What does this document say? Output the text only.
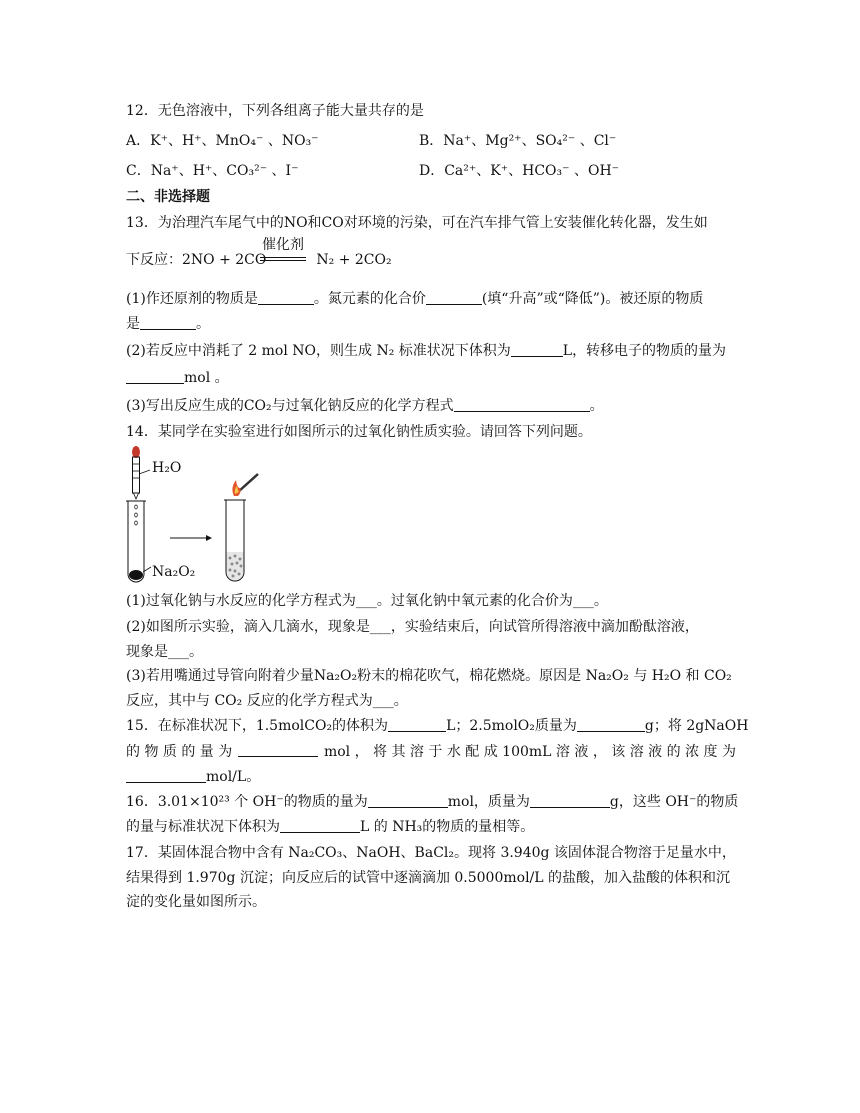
12．无色溶液中，下列各组离子能大量共存的是
A．K⁺、H⁺、MnO₄⁻ 、NO₃⁻	B．Na⁺、Mg²⁺、SO₄²⁻ 、Cl⁻
C．Na⁺、H⁺、CO₃²⁻ 、I⁻	D．Ca²⁺、K⁺、HCO₃⁻ 、OH⁻
二、非选择题
13．为治理汽车尾气中的NO和CO对环境的污染，可在汽车排气管上安装催化转化器，发生如
下反应：2NO + 2CO	N₂ + 2CO₂
催化剂
(1)作还原剂的物质是	。氮元素的化合价	(填“升高”或“降低”)。被还原的物质
是	。
(2)若反应中消耗了 2 mol NO，则生成 N₂ 标准状况下体积为	L，转移电子的物质的量为
mol 。
(3)写出反应生成的CO₂与过氧化钠反应的化学方程式	。
14．某同学在实验室进行如图所示的过氧化钠性质实验。请回答下列问题。
H₂O
Na₂O₂
(1)过氧化钠与水反应的化学方程式为___。过氧化钠中氧元素的化合价为___。
(2)如图所示实验，滴入几滴水，现象是___，实验结束后，向试管所得溶液中滴加酚酞溶液，
现象是___。
(3)若用嘴通过导管向附着少量Na₂O₂粉末的棉花吹气，棉花燃烧。原因是 Na₂O₂ 与 H₂O 和 CO₂
反应，其中与 CO₂ 反应的化学方程式为___。
15．在标准状况下，1.5molCO₂的体积为	L；2.5molO₂质量为	g；将 2gNaOH
的 物 质 的 量 为	mol ， 将 其 溶 于 水 配 成 100mL 溶 液 ， 该 溶 液 的 浓 度 为
mol/L。
16．3.01×10²³ 个 OH⁻的物质的量为	mol，质量为	g，这些 OH⁻的物质
的量与标准状况下体积为	L 的 NH₃的物质的量相等。
17．某固体混合物中含有 Na₂CO₃、NaOH、BaCl₂。现将 3.940g 该固体混合物溶于足量水中，
结果得到 1.970g 沉淀；向反应后的试管中逐滴滴加 0.5000mol/L 的盐酸，加入盐酸的体积和沉
淀的变化量如图所示。
